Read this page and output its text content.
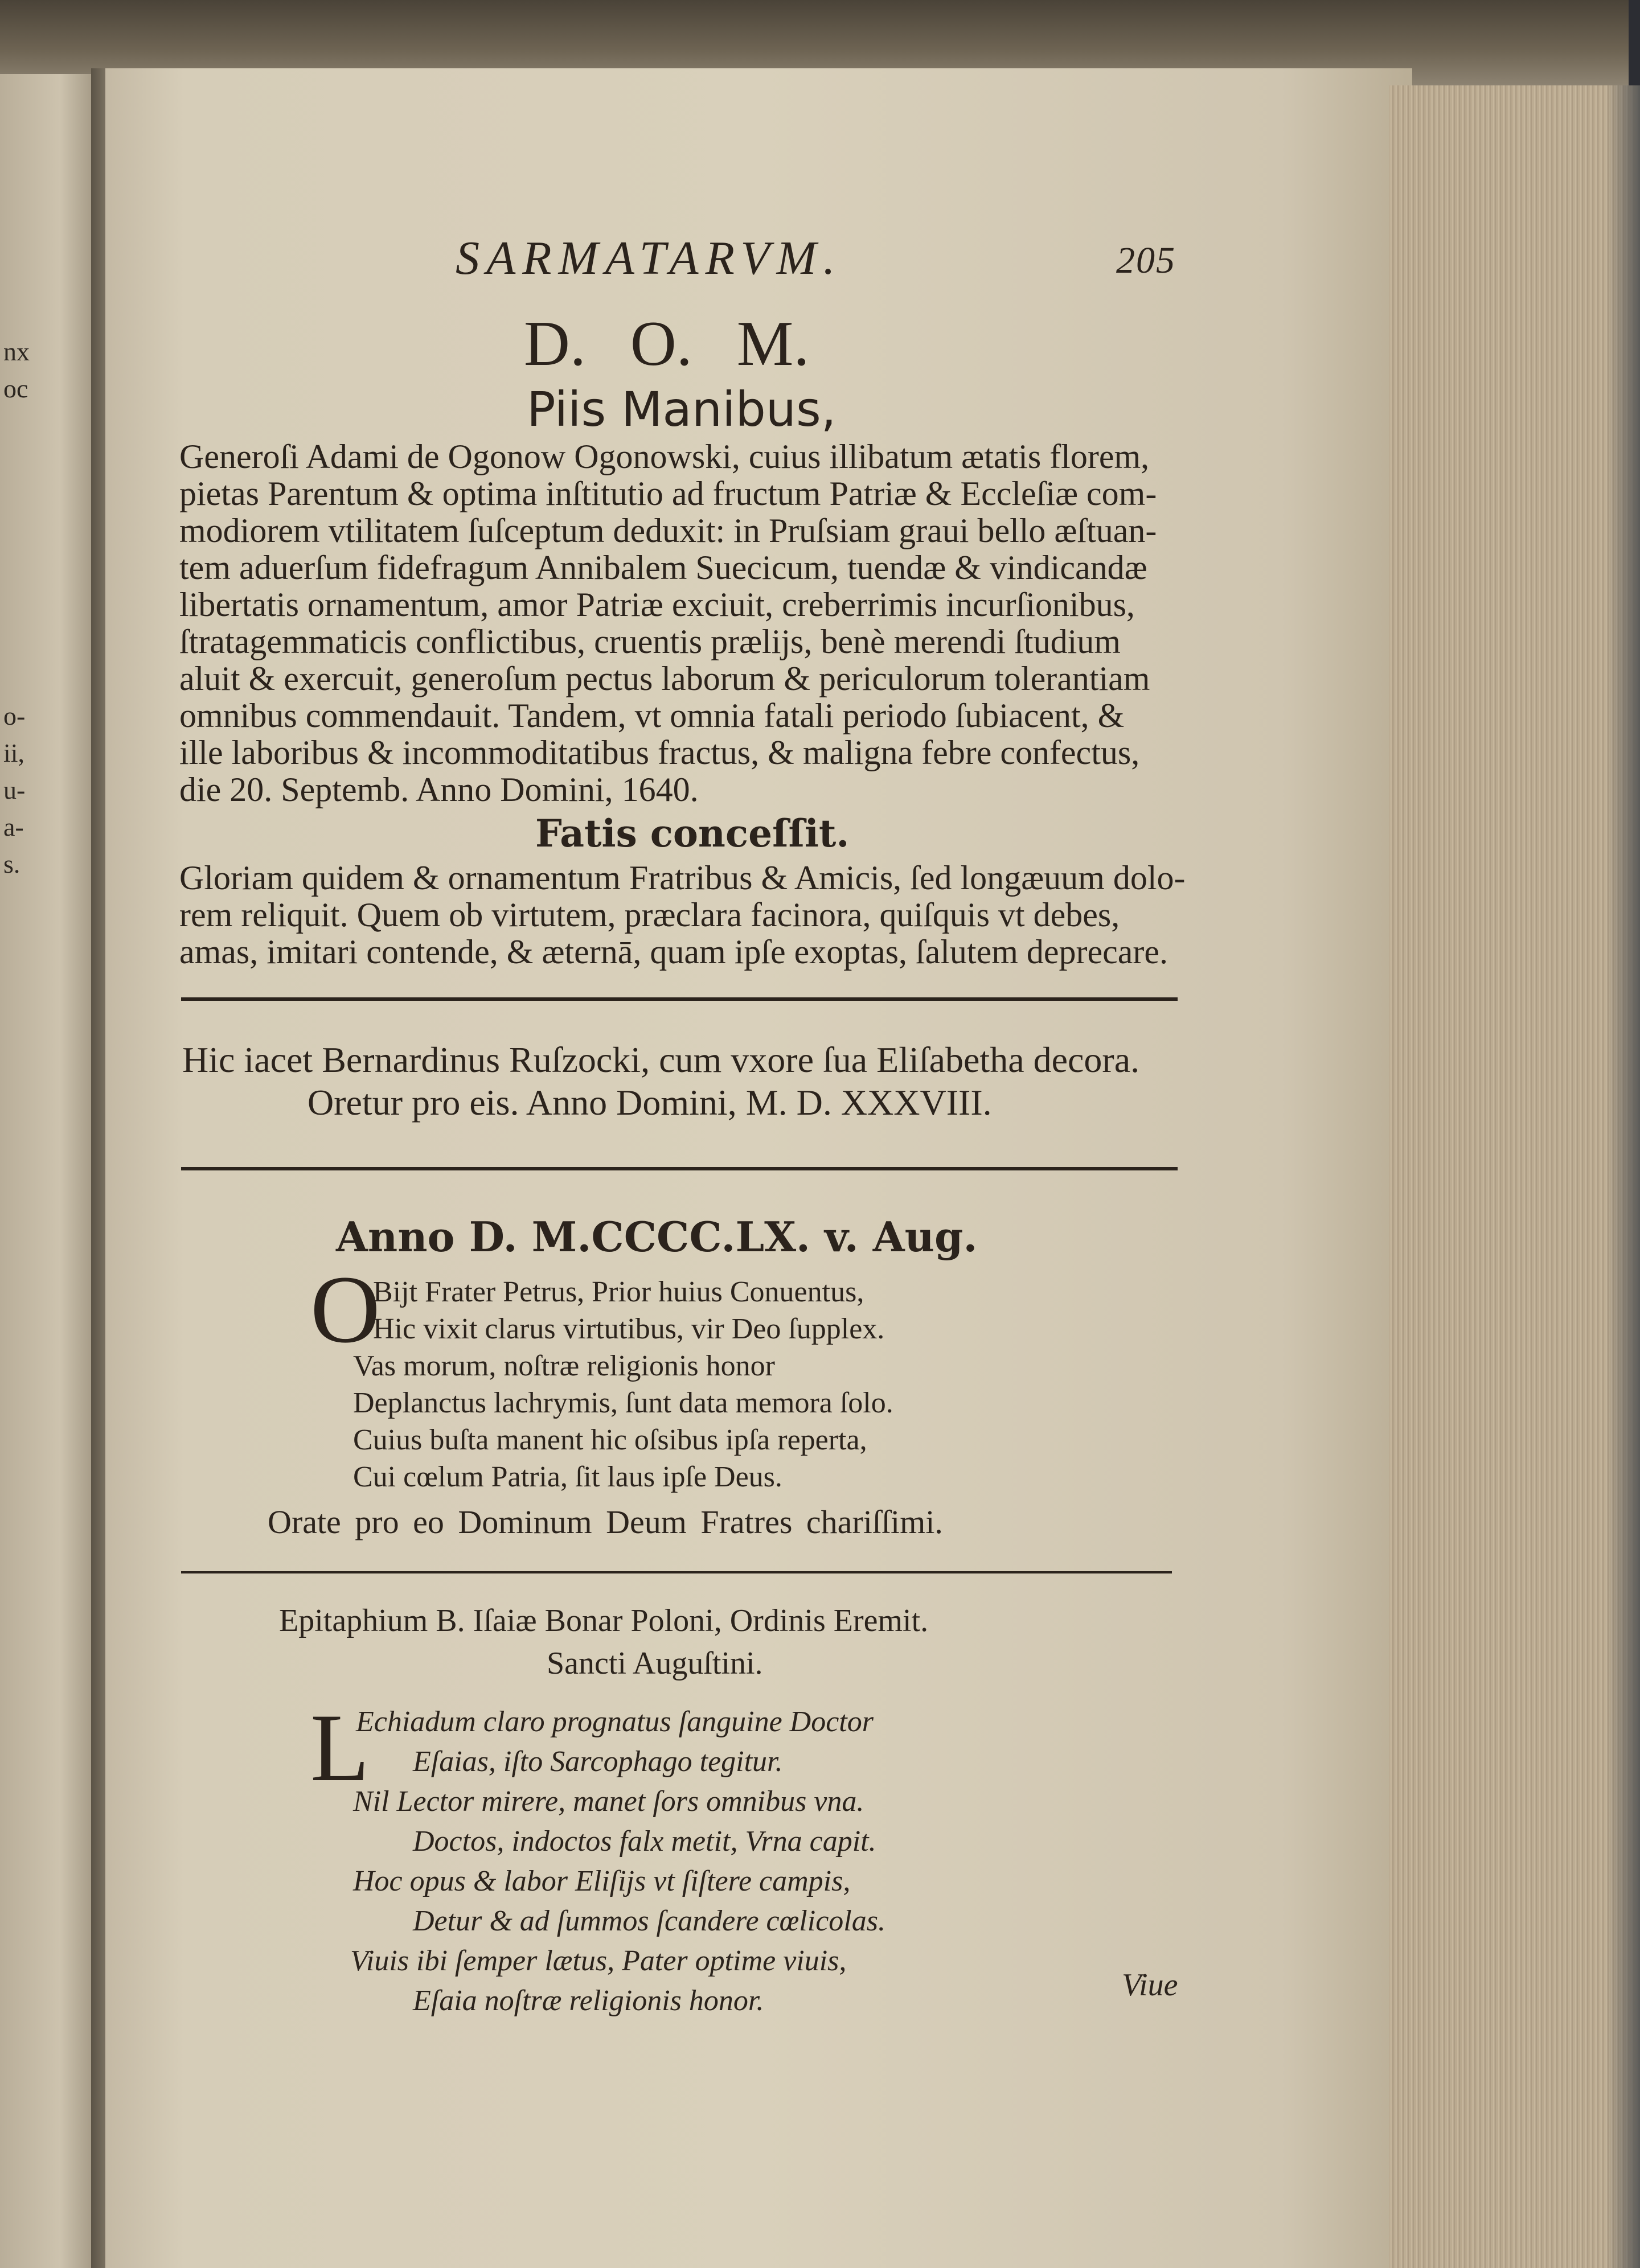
nx

oc

o-

ii,

u-

a-

s.

SARMATARVM.	205

D. O. M.

Piis Manibus,

Generoſi Adami de Ogonow Ogonowski, cuius illibatum ætatis florem,

pietas Parentum & optima inſtitutio ad fructum Patriæ & Eccleſiæ com-

modiorem vtilitatem ſuſceptum deduxit: in Pruſsiam graui bello æſtuan-

tem aduerſum fidefragum Annibalem Suecicum, tuendæ & vindicandæ

libertatis ornamentum, amor Patriæ exciuit, creberrimis incurſionibus,

ſtratagemmaticis conflictibus, cruentis prælijs, benè merendi ſtudium

aluit & exercuit, generoſum pectus laborum & periculorum tolerantiam

omnibus commendauit. Tandem, vt omnia fatali periodo ſubiacent, &

ille laboribus & incommoditatibus fractus, & maligna febre confectus,

die 20. Septemb. Anno Domini, 1640.

Fatis conceſſit.

Gloriam quidem & ornamentum Fratribus & Amicis, ſed longæuum dolo-

rem reliquit. Quem ob virtutem, præclara facinora, quiſquis vt debes,

amas, imitari contende, & æternā, quam ipſe exoptas, ſalutem deprecare.

Hic iacet Bernardinus Ruſzocki, cum vxore ſua Eliſabetha decora.

Oretur pro eis. Anno Domini, M. D. XXXVIII.

Anno D. M.CCCC.LX. v. Aug.

O

Bijt Frater Petrus, Prior huius Conuentus,

Hic vixit clarus virtutibus, vir Deo ſupplex.

Vas morum, noſtræ religionis honor

Deplanctus lachrymis, ſunt data memora ſolo.

Cuius buſta manent hic oſsibus ipſa reperta,

Cui cœlum Patria, ſit laus ipſe Deus.

Orate pro eo Dominum Deum Fratres chariſſimi.

Epitaphium B. Iſaiæ Bonar Poloni, Ordinis Eremit.

Sancti Auguſtini.

L

Echiadum claro prognatus ſanguine Doctor

Eſaias, iſto Sarcophago tegitur.

Nil Lector mirere, manet ſors omnibus vna.

Doctos, indoctos falx metit, Vrna capit.

Hoc opus & labor Eliſijs vt ſiſtere campis,

Detur & ad ſummos ſcandere cœlicolas.

Viuis ibi ſemper lætus, Pater optime viuis,

Eſaia noſtræ religionis honor.	Viue
